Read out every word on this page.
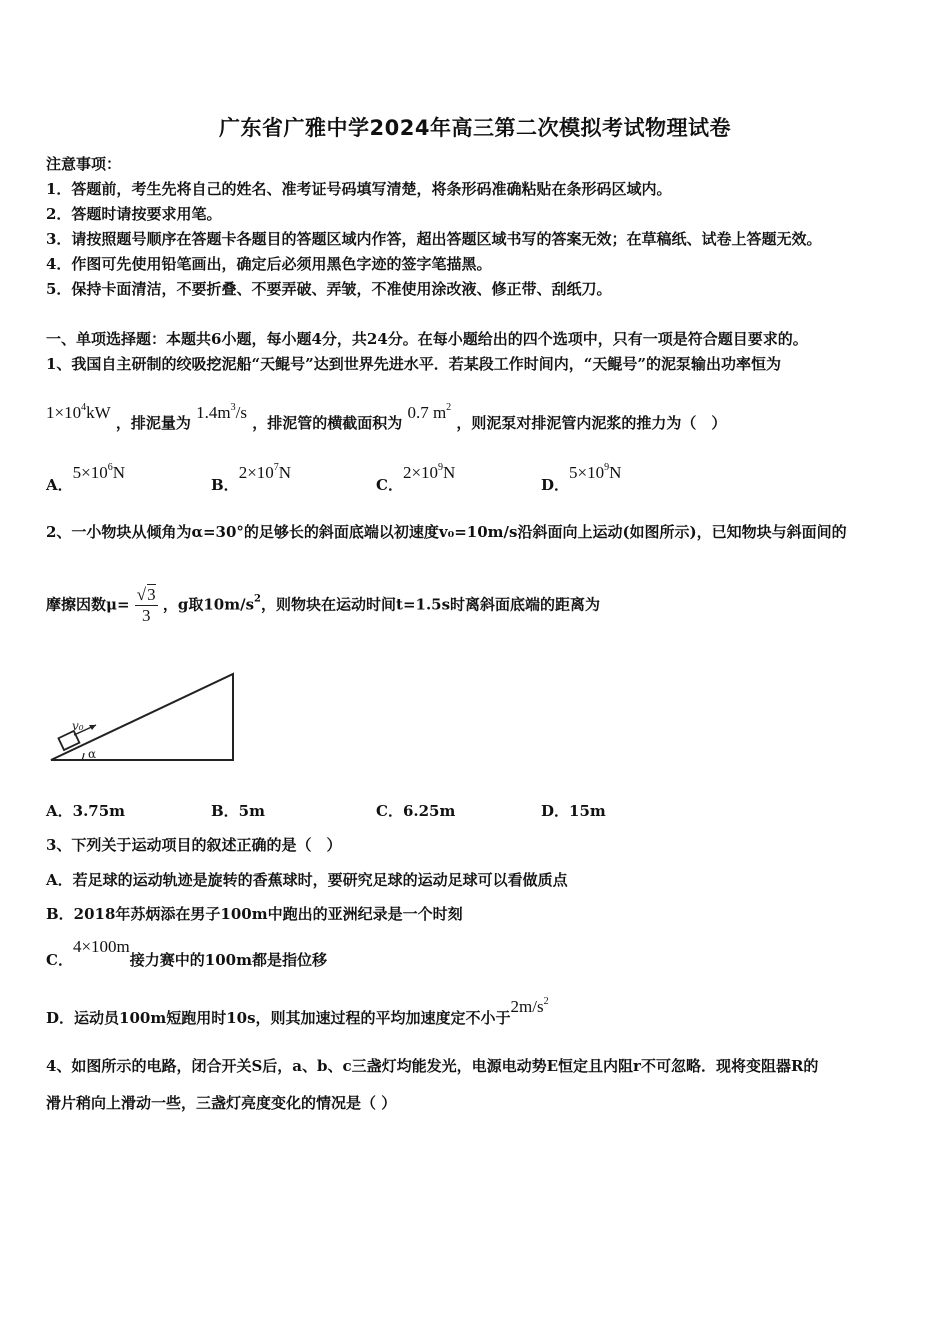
广东省广雅中学2024年高三第二次模拟考试物理试卷
注意事项：
1．答题前，考生先将自己的姓名、准考证号码填写清楚，将条形码准确粘贴在条形码区域内。
2．答题时请按要求用笔。
3．请按照题号顺序在答题卡各题目的答题区域内作答，超出答题区域书写的答案无效；在草稿纸、试卷上答题无效。
4．作图可先使用铅笔画出，确定后必须用黑色字迹的签字笔描黑。
5．保持卡面清洁，不要折叠、不要弄破、弄皱，不准使用涂改液、修正带、刮纸刀。
一、单项选择题：本题共6小题，每小题4分，共24分。在每小题给出的四个选项中，只有一项是符合题目要求的。
1、我国自主研制的绞吸挖泥船“天鲲号”达到世界先进水平．若某段工作时间内，“天鲲号”的泥泵输出功率恒为
$1\times 10^4kW$ ，排泥量为 $1.4m^3/s$ ，排泥管的横截面积为 0.7 $m^2$ ，则泥泵对排泥管内泥浆的推力为（　）
A．$5\times 10^6N$
B．$2\times 10^7N$
C．$2\times 10^9N$
D．$5\times 10^9N$
2、一小物块从倾角为α=30°的足够长的斜面底端以初速度v₀=10m/s沿斜面向上运动(如图所示)，已知物块与斜面间的
摩擦因数$\mu= \frac{√3}{3}$ ，g取$10m/s^2$，则物块在运动时间t=1.5s时离斜面底端的距离为
v₀
α
A．3.75m	B．5m	C．6.25m	D．15m
3、下列关于运动项目的叙述正确的是（　）
A．若足球的运动轨迹是旋转的香蕉球时，要研究足球的运动足球可以看做质点
B．2018年苏炳添在男子100m中跑出的亚洲纪录是一个时刻
C．4×100m接力赛中的100m都是指位移
D．运动员100m短跑用时10s，则其加速过程的平均加速度定不小于$2m/s^2$
4、如图所示的电路，闭合开关S后，a、b、c三盏灯均能发光，电源电动势E恒定且内阻r不可忽略．现将变阻器R的
滑片稍向上滑动一些，三盏灯亮度变化的情况是（ ）
